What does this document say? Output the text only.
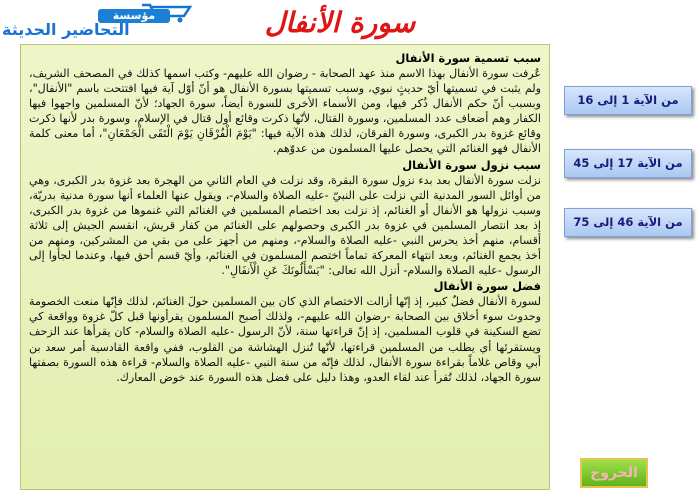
مؤسسة
التحاضير الحديثة	سورة الأنفال
سبب تسمية سورة الأنفال

عُرفت سورة الأنفال بهذا الاسم منذ عهد الصحابة - رضوان الله عليهم- وكتب اسمها كذلك في المصحف الشريف، ولم يثبت في تسميتها أيّ حديثٍ نبوي، وسبب تسميتها بسورة الأنفال هو أنّ أوّل آية فيها افتتحت باسم "الأنفال"، وبسبب أنّ حكم الأنفال ذُكر فيها، ومن الأسماء الأخرى للسورة أيضاً، سورة الجهاد؛ لأنّ المسلمين واجهوا فيها الكفار وهم أضعاف عدد المسلمين، وسورة القتال، لأنّها ذكرت وقائع أول قتال في الإسلام، وسورة بدر لأنها ذكرت وقائع غزوة بدر الكبرى، وسورة الفرقان، لذلك هذه الآية فيها: "يَوْمَ الْفُرْقَانِ يَوْمَ الْتَقَى الْجَمْعَانِ"، أما معنى كلمة الأنفال فهو الغنائم التي يحصل عليها المسلمون من عدوّهم.

سبب نزول سورة الأنفال

نزلت سورة الأنفال بعد بدء نزول سورة البقرة، وقد نزلت في العام الثاني من الهجرة بعد غزوة بدر الكبرى، وهي من أوائل السور المدنية التي نزلت على النبيّ -عليه الصلاة والسلام-، ويقول عنها العلماء أنها سورة مدنية بدريّة، وسبب نزولها هو الأنفال أو الغنائم، إذ نزلت بعد اختصام المسلمين في الغنائم التي غنموها من غزوة بدر الكبرى، إذ بعد انتصار المسلمين في غزوة بدر الكبرى وحصولهم على الغنائم من كفار قريش، انقسم الجيش إلى ثلاثة أقسام، منهم أخذ يحرس النبي -عليه الصلاة والسلام-، ومنهم من أجهز على من بقي من المشركين، ومنهم من أخذ يجمع الغنائم، وبعد انتهاء المعركة تماماً اختصم المسلمون في الغنائم، وأيّ قسم أحق فيها، وعندما لجأوا إلى الرسول -عليه الصلاة والسلام- أنزل الله تعالى: "يَسْأَلُونَكَ عَنِ الْأَنفَالِ".

فضل سورة الأنفال

لسورة الأنفال فضلٌ كبير، إذ إنّها أزالت الاختصام الذي كان بين المسلمين حولَ الغنائم، لذلك فإنّها منعت الخصومة وحدوث سوء أخلاق بين الصحابة -رضوان الله عليهم-، ولذلك أصبح المسلمون يقرأونها قبل كلّ غزوة وواقعة كي تضع السكينة في قلوب المسلمين، إذ إنّ قراءتها سنة، لأنّ الرسول -عليه الصلاة والسلام- كان يقرأها عند الزحف ويستقرئها أي يطلب من المسلمين قراءتها، لأنّها تُنزل الهشاشة من القلوب، ففي واقعة القادسية أمر سعد بن أبي وقاص غلاماً بقراءة سورة الأنفال، لذلك فإنّه من سنة النبي -عليه الصلاة والسلام- قراءة هذه السورة بصفتها سورة الجهاد، لذلك تُقرأ عند لقاء العدو، وهذا دليل على فضل هذه السورة عند خوض المعارك.

من الآية 1 إلى 16
من الآية 17 إلى 45
من الآية 46 إلى 75
الخروج
